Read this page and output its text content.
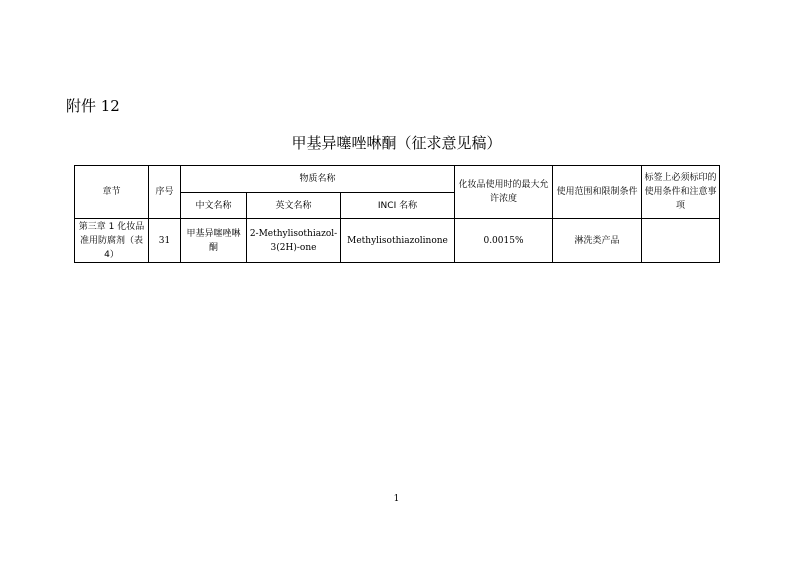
附件 12
甲基异噻唑啉酮（征求意见稿）
章节	序号	物质名称			化妆品使用时的最大允许浓度	使用范围和限制条件	标签上必须标印的使用条件和注意事项
		中文名称	英文名称	INCI 名称			
第三章 1 化妆品准用防腐剂（表 4）	31	甲基异噻唑啉酮	2-Methylisothiazol-3(2H)-one	Methylisothiazolinone	0.0015%	淋洗类产品	
1
